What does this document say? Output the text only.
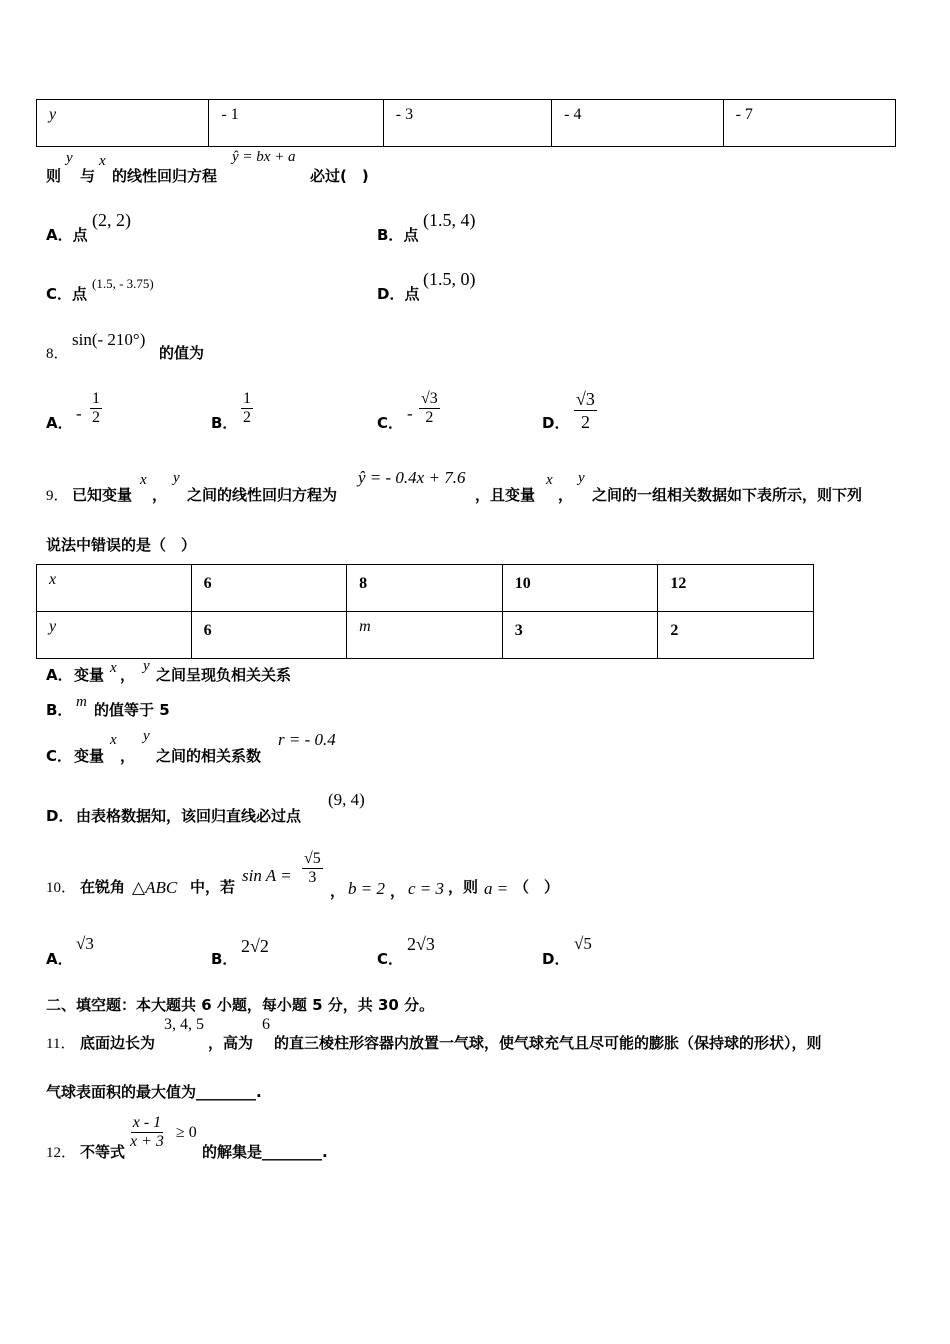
y	- 1	- 3	- 4	- 7
则
y
与
x
的线性回归方程
ŷ = bx + a
必过(　)
A．点
(2, 2)
B．点
(1.5, 4)
C．点
(1.5, - 3.75)
D．点
(1.5, 0)
8．
sin(- 210°)
的值为
A． - $\frac{1}{2}$	B． $\frac{1}{2}$	C． - $\frac{√3}{2}$	D． $\frac{√3}{2}$
9． 已知变量
x
，
y
之间的线性回归方程为
ŷ = - 0.4x + 7.6
，且变量
x
，
y
之间的一组相关数据如下表所示，则下列
说法中错误的是（　）
x	6	8	10	12
y	6	m	3	2
A． 变量 x ， y 之间呈现负相关关系
B． m 的值等于 5
C． 变量
x
，
y
之间的相关系数
r = - 0.4
D． 由表格数据知，该回归直线必过点
(9, 4)
10． 在锐角 △ABC 中，若
$\sin A = \frac{√5}{3}$
， b = 2 ， c = 3 ，则 a = （　）
A．
√3
B．
2√2
C．
2√3
D．
√5
二、填空题：本大题共 6 小题，每小题 5 分，共 30 分。
11． 底面边长为
3, 4, 5
，高为
6
的直三棱柱形容器内放置一气球，使气球充气且尽可能的膨胀（保持球的形状），则
气球表面积的最大值为________.
12． 不等式
$\frac{x - 1}{x + 3} \ge 0$
的解集是________.
